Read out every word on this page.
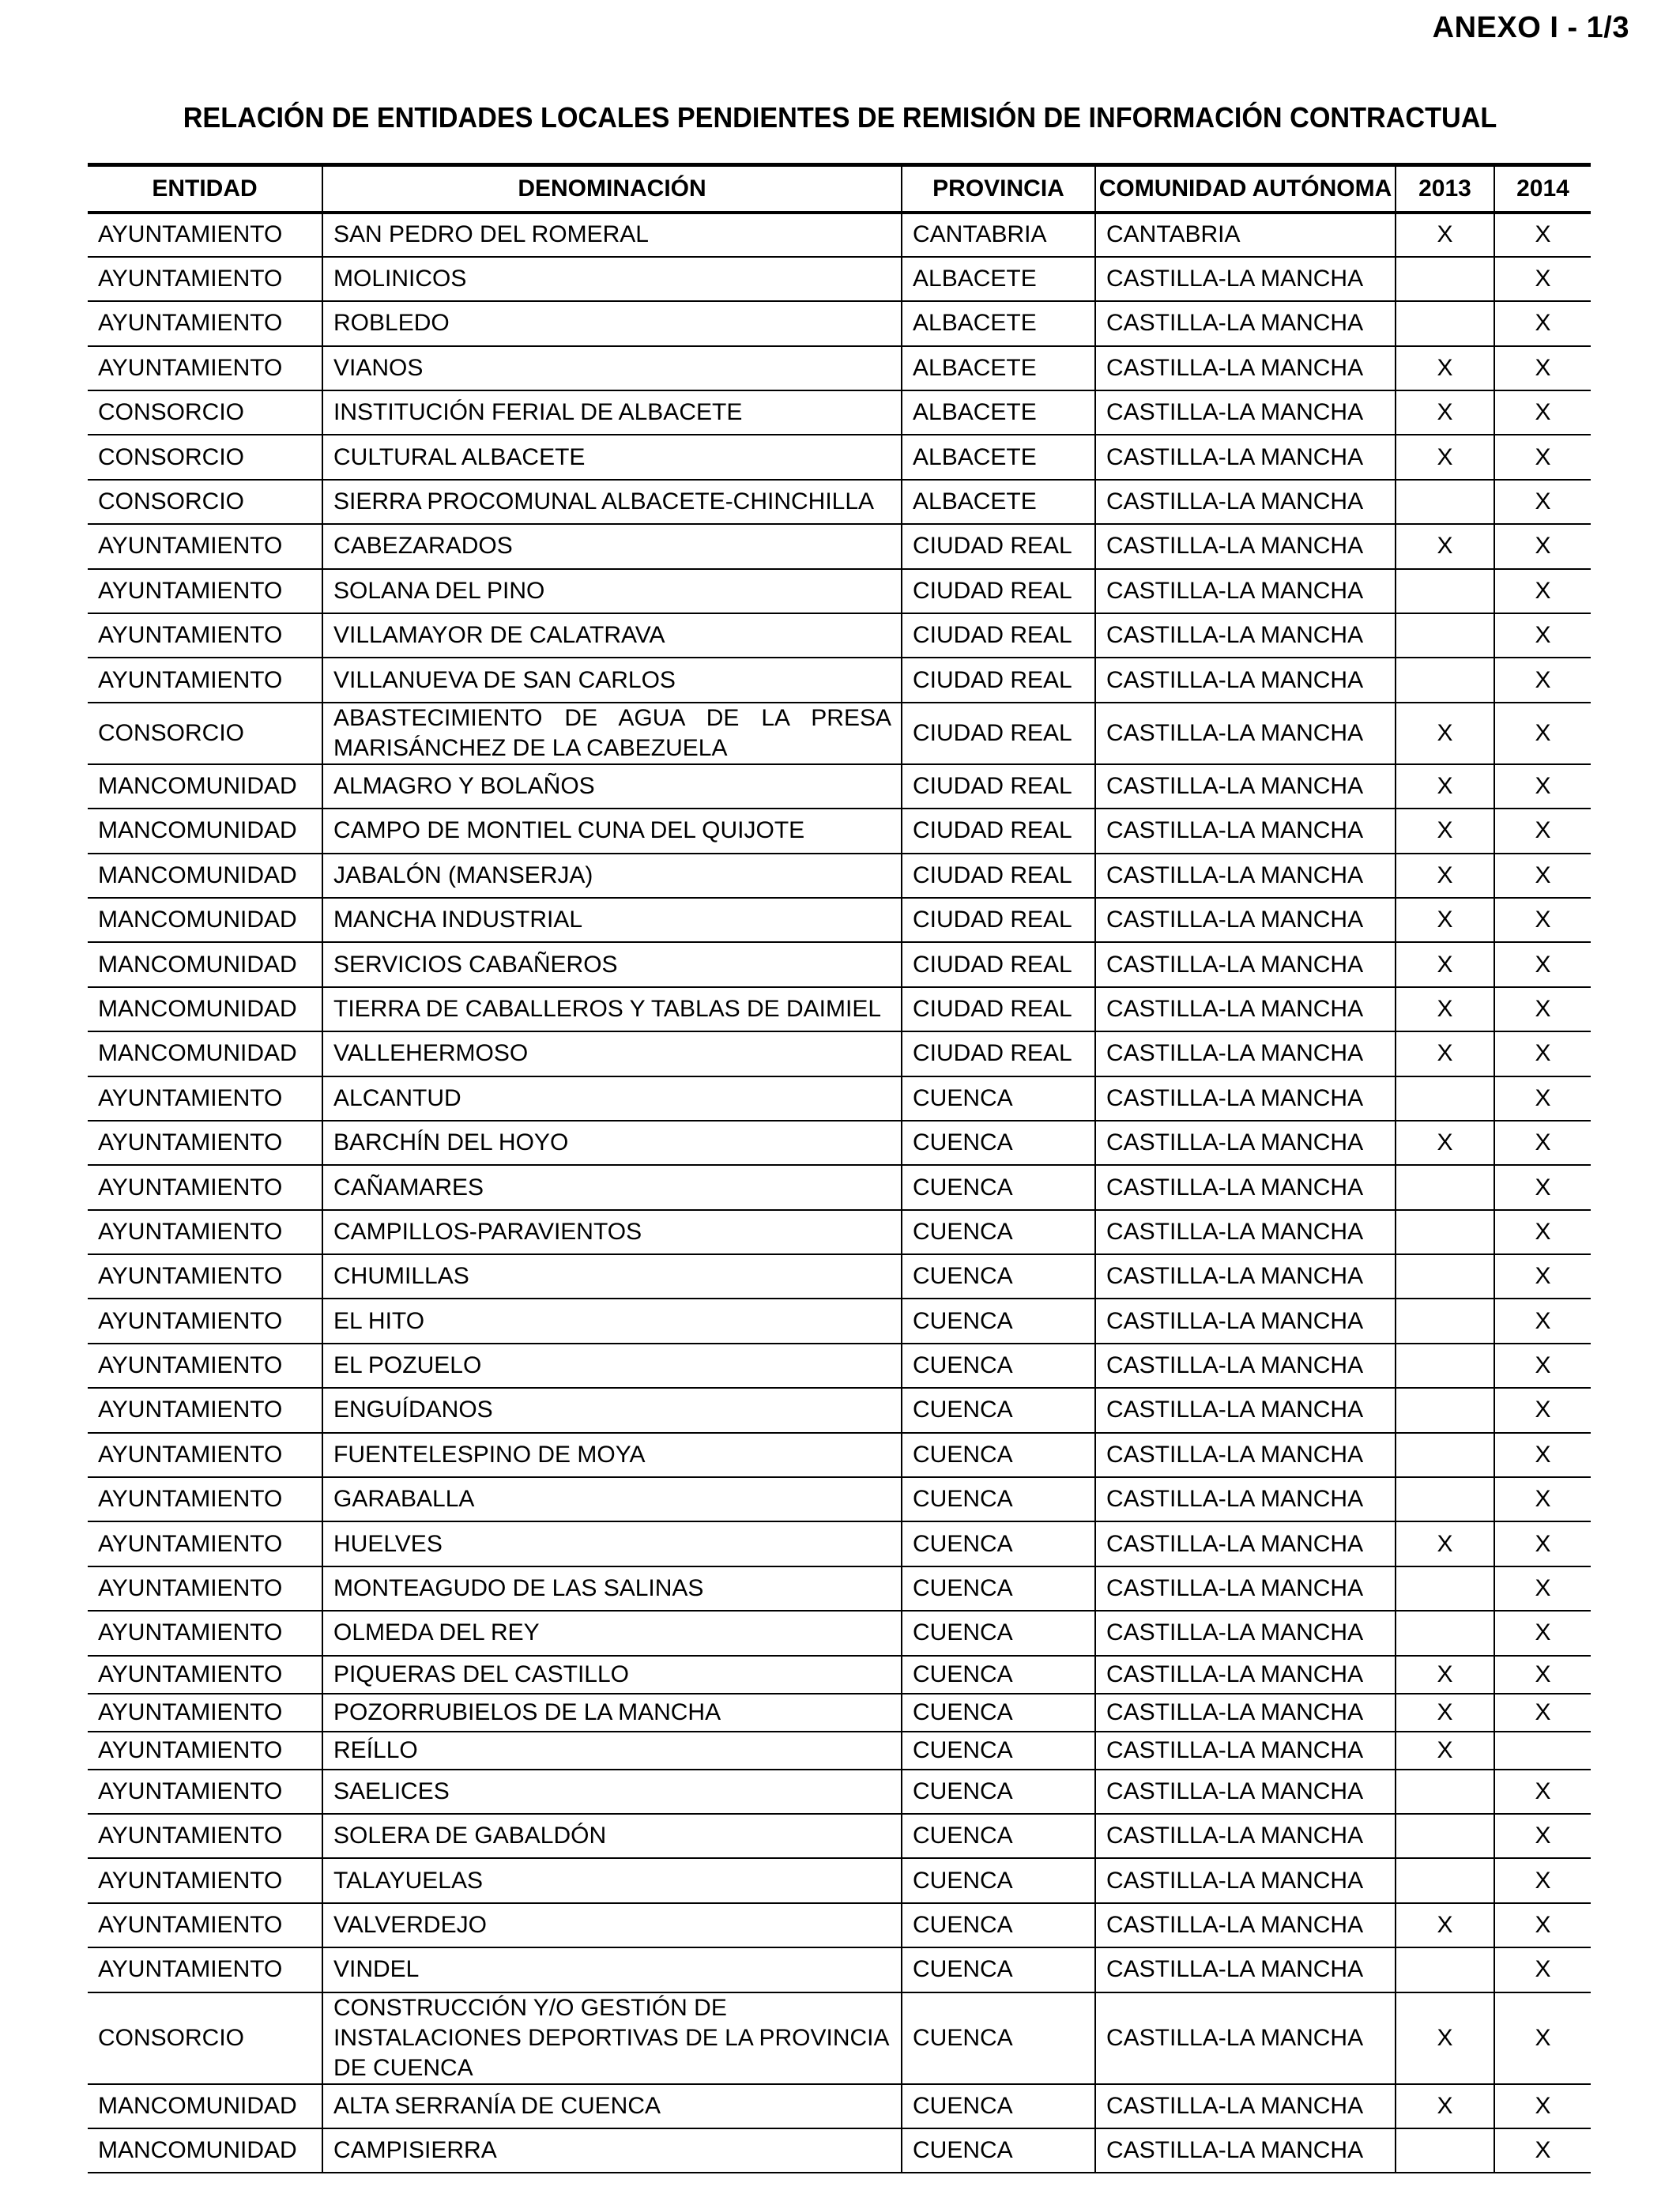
ANEXO I - 1/3
RELACIÓN DE ENTIDADES LOCALES PENDIENTES DE REMISIÓN DE INFORMACIÓN CONTRACTUAL
ENTIDAD	DENOMINACIÓN	PROVINCIA	COMUNIDAD AUTÓNOMA	2013	2014
AYUNTAMIENTO	SAN PEDRO DEL ROMERAL	CANTABRIA	CANTABRIA	X	X
AYUNTAMIENTO	MOLINICOS	ALBACETE	CASTILLA-LA MANCHA		X
AYUNTAMIENTO	ROBLEDO	ALBACETE	CASTILLA-LA MANCHA		X
AYUNTAMIENTO	VIANOS	ALBACETE	CASTILLA-LA MANCHA	X	X
CONSORCIO	INSTITUCIÓN FERIAL DE ALBACETE	ALBACETE	CASTILLA-LA MANCHA	X	X
CONSORCIO	CULTURAL ALBACETE	ALBACETE	CASTILLA-LA MANCHA	X	X
CONSORCIO	SIERRA PROCOMUNAL ALBACETE-CHINCHILLA	ALBACETE	CASTILLA-LA MANCHA		X
AYUNTAMIENTO	CABEZARADOS	CIUDAD REAL	CASTILLA-LA MANCHA	X	X
AYUNTAMIENTO	SOLANA DEL PINO	CIUDAD REAL	CASTILLA-LA MANCHA		X
AYUNTAMIENTO	VILLAMAYOR DE CALATRAVA	CIUDAD REAL	CASTILLA-LA MANCHA		X
AYUNTAMIENTO	VILLANUEVA DE SAN CARLOS	CIUDAD REAL	CASTILLA-LA MANCHA		X
CONSORCIO	ABASTECIMIENTO DE AGUA DE LA PRESA MARISÁNCHEZ DE LA CABEZUELA	CIUDAD REAL	CASTILLA-LA MANCHA	X	X
MANCOMUNIDAD	ALMAGRO Y BOLAÑOS	CIUDAD REAL	CASTILLA-LA MANCHA	X	X
MANCOMUNIDAD	CAMPO DE MONTIEL CUNA DEL QUIJOTE	CIUDAD REAL	CASTILLA-LA MANCHA	X	X
MANCOMUNIDAD	JABALÓN (MANSERJA)	CIUDAD REAL	CASTILLA-LA MANCHA	X	X
MANCOMUNIDAD	MANCHA INDUSTRIAL	CIUDAD REAL	CASTILLA-LA MANCHA	X	X
MANCOMUNIDAD	SERVICIOS CABAÑEROS	CIUDAD REAL	CASTILLA-LA MANCHA	X	X
MANCOMUNIDAD	TIERRA DE CABALLEROS Y TABLAS DE DAIMIEL	CIUDAD REAL	CASTILLA-LA MANCHA	X	X
MANCOMUNIDAD	VALLEHERMOSO	CIUDAD REAL	CASTILLA-LA MANCHA	X	X
AYUNTAMIENTO	ALCANTUD	CUENCA	CASTILLA-LA MANCHA		X
AYUNTAMIENTO	BARCHÍN DEL HOYO	CUENCA	CASTILLA-LA MANCHA	X	X
AYUNTAMIENTO	CAÑAMARES	CUENCA	CASTILLA-LA MANCHA		X
AYUNTAMIENTO	CAMPILLOS-PARAVIENTOS	CUENCA	CASTILLA-LA MANCHA		X
AYUNTAMIENTO	CHUMILLAS	CUENCA	CASTILLA-LA MANCHA		X
AYUNTAMIENTO	EL HITO	CUENCA	CASTILLA-LA MANCHA		X
AYUNTAMIENTO	EL POZUELO	CUENCA	CASTILLA-LA MANCHA		X
AYUNTAMIENTO	ENGUÍDANOS	CUENCA	CASTILLA-LA MANCHA		X
AYUNTAMIENTO	FUENTELESPINO DE MOYA	CUENCA	CASTILLA-LA MANCHA		X
AYUNTAMIENTO	GARABALLA	CUENCA	CASTILLA-LA MANCHA		X
AYUNTAMIENTO	HUELVES	CUENCA	CASTILLA-LA MANCHA	X	X
AYUNTAMIENTO	MONTEAGUDO DE LAS SALINAS	CUENCA	CASTILLA-LA MANCHA		X
AYUNTAMIENTO	OLMEDA DEL REY	CUENCA	CASTILLA-LA MANCHA		X
AYUNTAMIENTO	PIQUERAS DEL CASTILLO	CUENCA	CASTILLA-LA MANCHA	X	X
AYUNTAMIENTO	POZORRUBIELOS DE LA MANCHA	CUENCA	CASTILLA-LA MANCHA	X	X
AYUNTAMIENTO	REÍLLO	CUENCA	CASTILLA-LA MANCHA	X	
AYUNTAMIENTO	SAELICES	CUENCA	CASTILLA-LA MANCHA		X
AYUNTAMIENTO	SOLERA DE GABALDÓN	CUENCA	CASTILLA-LA MANCHA		X
AYUNTAMIENTO	TALAYUELAS	CUENCA	CASTILLA-LA MANCHA		X
AYUNTAMIENTO	VALVERDEJO	CUENCA	CASTILLA-LA MANCHA	X	X
AYUNTAMIENTO	VINDEL	CUENCA	CASTILLA-LA MANCHA		X
CONSORCIO	CONSTRUCCIÓN Y/O GESTIÓN DE INSTALACIONES DEPORTIVAS DE LA PROVINCIA DE CUENCA	CUENCA	CASTILLA-LA MANCHA	X	X
MANCOMUNIDAD	ALTA SERRANÍA DE CUENCA	CUENCA	CASTILLA-LA MANCHA	X	X
MANCOMUNIDAD	CAMPISIERRA	CUENCA	CASTILLA-LA MANCHA		X
